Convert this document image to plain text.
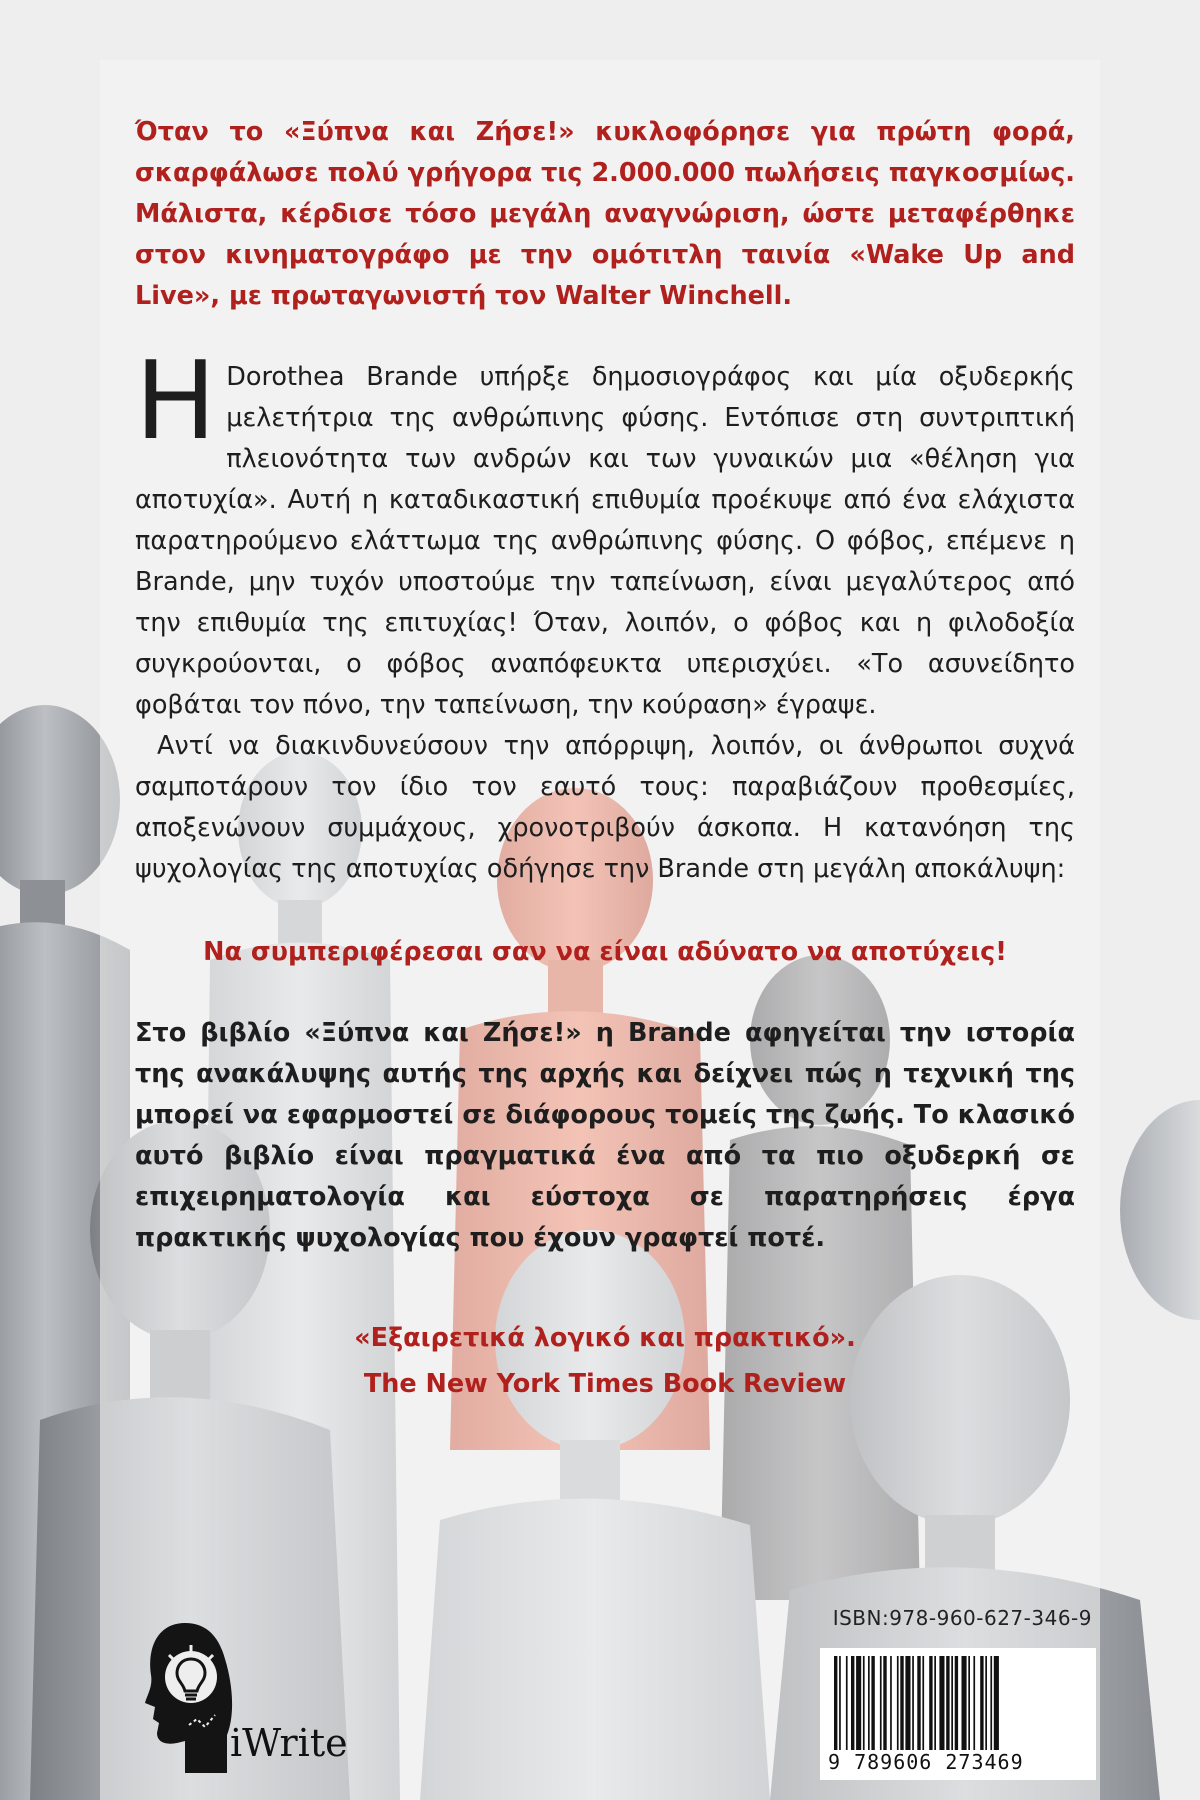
Όταν το «Ξύπνα και Ζήσε!» κυκλοφόρησε για πρώτη φορά, σκαρφάλωσε πολύ γρήγορα τις 2.000.000 πωλήσεις παγκοσμίως. Μάλιστα, κέρδισε τόσο μεγάλη αναγνώριση, ώστε μεταφέρθηκε στον κινηματογράφο με την ομότιτλη ταινία «Wake Up and Live», με πρωταγωνιστή τον Walter Winchell.

Η Dorothea Brande υπήρξε δημοσιογράφος και μία οξυδερκής μελετήτρια της ανθρώπινης φύσης. Εντόπισε στη συντριπτική πλειονότητα των ανδρών και των γυναικών μια «θέληση για αποτυχία». Αυτή η καταδικαστική επιθυμία προέκυψε από ένα ελάχιστα παρατηρούμενο ελάττωμα της ανθρώπινης φύσης. Ο φόβος, επέμενε η Brande, μην τυχόν υποστούμε την ταπείνωση, είναι μεγαλύτερος από την επιθυμία της επιτυχίας! Όταν, λοιπόν, ο φόβος και η φιλοδοξία συγκρούονται, ο φόβος αναπόφευκτα υπερισχύει. «Το ασυνείδητο φοβάται τον πόνο, την ταπείνωση, την κούραση» έγραψε.

Αντί να διακινδυνεύσουν την απόρριψη, λοιπόν, οι άνθρωποι συχνά σαμποτάρουν τον ίδιο τον εαυτό τους: παραβιάζουν προθεσμίες, αποξενώνουν συμμάχους, χρονοτριβούν άσκοπα. Η κατανόηση της ψυχολογίας της αποτυχίας οδήγησε την Brande στη μεγάλη αποκάλυψη:

Να συμπεριφέρεσαι σαν να είναι αδύνατο να αποτύχεις!

Στο βιβλίο «Ξύπνα και Ζήσε!» η Brande αφηγείται την ιστορία της ανακάλυψης αυτής της αρχής και δείχνει πώς η τεχνική της μπορεί να εφαρμοστεί σε διάφορους τομείς της ζωής. Το κλασικό αυτό βιβλίο είναι πραγματικά ένα από τα πιο οξυδερκή σε επιχειρηματολογία και εύστοχα σε παρατηρήσεις έργα πρακτικής ψυχολογίας που έχουν γραφτεί ποτέ.

«Εξαιρετικά λογικό και πρακτικό».

The New York Times Book Review

iWrite
ISBN:978-960-627-346-9
9 789606 273469
